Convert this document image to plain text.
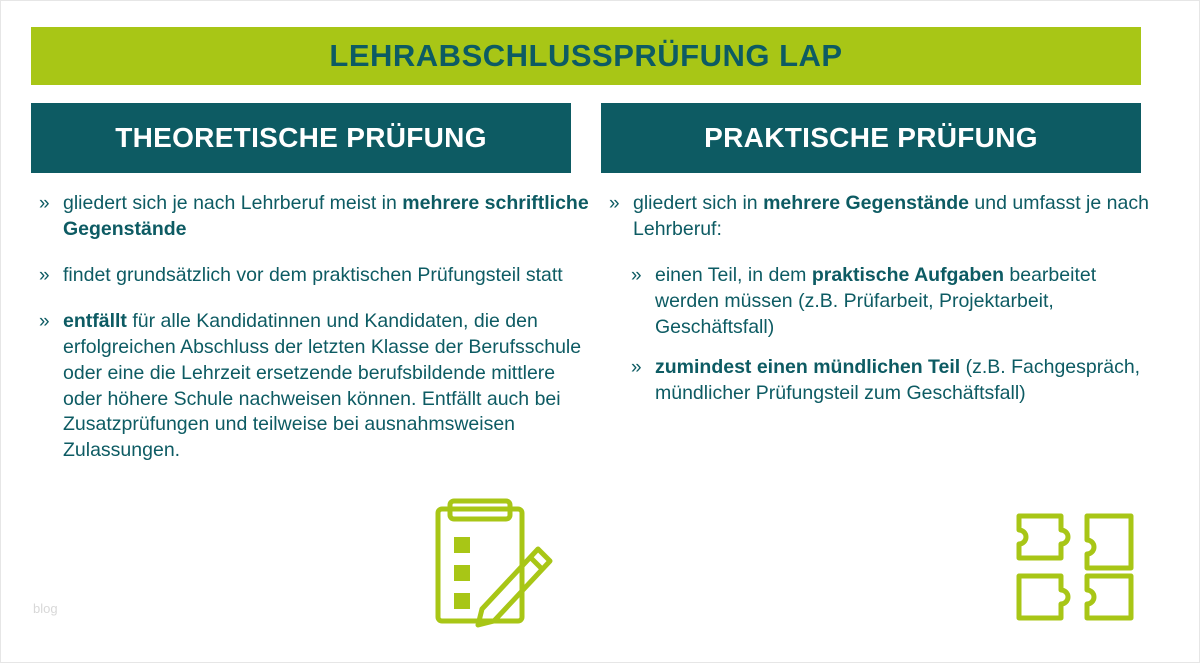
LEHRABSCHLUSSPRÜFUNG LAP
THEORETISCHE PRÜFUNG	PRAKTISCHE PRÜFUNG
» gliedert sich je nach Lehrberuf meist in mehrere schriftliche Gegenstände
» findet grundsätzlich vor dem praktischen Prüfungsteil statt
» entfällt für alle Kandidatinnen und Kandidaten, die den erfolgreichen Abschluss der letzten Klasse der Berufsschule oder eine die Lehrzeit ersetzende berufsbildende mittlere oder höhere Schule nachweisen können. Entfällt auch bei Zusatzprüfungen und teilweise bei ausnahmsweisen Zulassungen.
» gliedert sich in mehrere Gegenstände und umfasst je nach Lehrberuf:
» einen Teil, in dem praktische Aufgaben bearbeitet werden müssen (z.B. Prüfarbeit, Projektarbeit, Geschäftsfall)
» zumindest einen mündlichen Teil (z.B. Fachgespräch, mündlicher Prüfungsteil zum Geschäftsfall)
blog
